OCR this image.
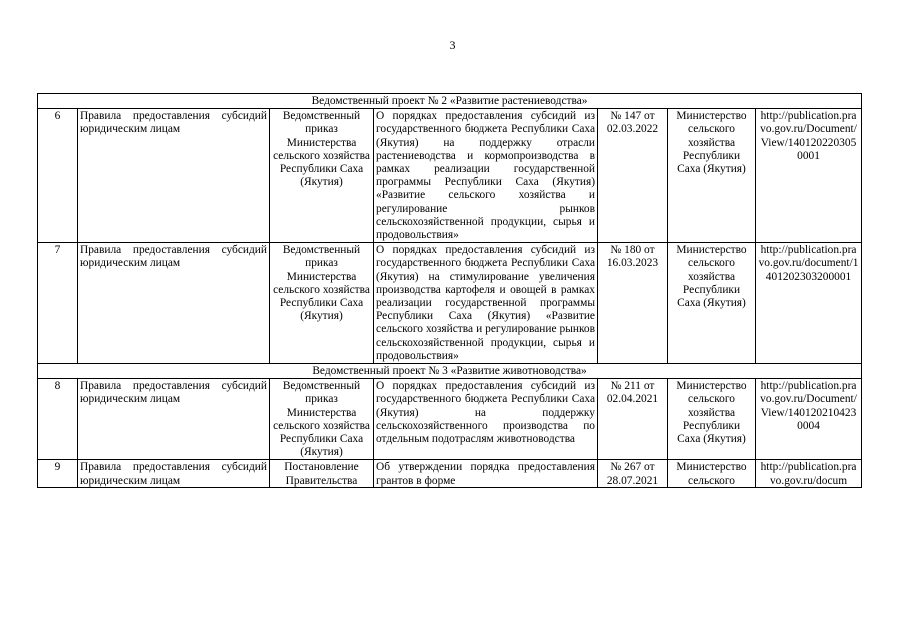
3
Ведомственный проект № 2 «Развитие растениеводства»						
6	Правила предоставления субсидий юридическим лицам	Ведомственный приказ Министерства сельского хозяйства Республики Саха (Якутия)	О порядках предоставления субсидий из государственного бюджета Республики Саха (Якутия) на поддержку отрасли растениеводства и кормопроизводства в рамках реализации государственной программы Республики Саха (Якутия) «Развитие сельского хозяйства и регулирование рынков сельскохозяйственной продукции, сырья и продовольствия»	№ 147 от 02.03.2022	Министерство сельского хозяйства Республики Саха (Якутия)	http://publication.pravo.gov.ru/Document/View/1401202203050001
7	Правила предоставления субсидий юридическим лицам	Ведомственный приказ Министерства сельского хозяйства Республики Саха (Якутия)	О порядках предоставления субсидий из государственного бюджета Республики Саха (Якутия) на стимулирование увеличения производства картофеля и овощей в рамках реализации государственной программы Республики Саха (Якутия) «Развитие сельского хозяйства и регулирование рынков сельскохозяйственной продукции, сырья и продовольствия»	№ 180 от 16.03.2023	Министерство сельского хозяйства Республики Саха (Якутия)	http://publication.pravo.gov.ru/document/1401202303200001
Ведомственный проект № 3 «Развитие животноводства»						
8	Правила предоставления субсидий юридическим лицам	Ведомственный приказ Министерства сельского хозяйства Республики Саха (Якутия)	О порядках предоставления субсидий из государственного бюджета Республики Саха (Якутия) на поддержку сельскохозяйственного производства по отдельным подотраслям животноводства	№ 211 от 02.04.2021	Министерство сельского хозяйства Республики Саха (Якутия)	http://publication.pravo.gov.ru/Document/View/1401202104230004

9	Правила предоставления субсидий юридическим лицам	Постановление Правительства	Об утверждении порядка предоставления грантов в форме	№ 267 от 28.07.2021	Министерство сельского	http://publication.pravo.gov.ru/docum
